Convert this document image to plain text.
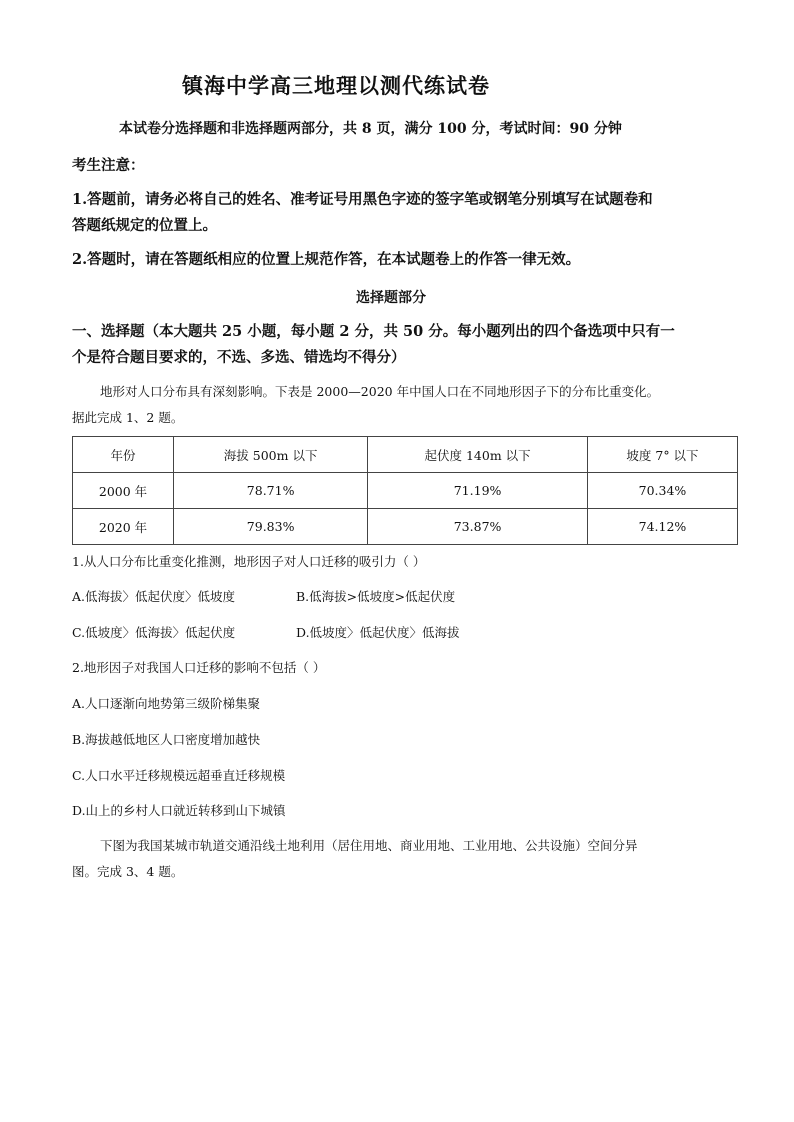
镇海中学高三地理以测代练试卷
本试卷分选择题和非选择题两部分，共 8 页，满分 100 分，考试时间：90 分钟
考生注意：
1.答题前，请务必将自己的姓名、准考证号用黑色字迹的签字笔或钢笔分别填写在试题卷和
答题纸规定的位置上。
2.答题时，请在答题纸相应的位置上规范作答，在本试题卷上的作答一律无效。
选择题部分
一、选择题（本大题共 25 小题，每小题 2 分，共 50 分。每小题列出的四个备选项中只有一
个是符合题目要求的，不选、多选、错选均不得分）
地形对人口分布具有深刻影响。下表是 2000—2020 年中国人口在不同地形因子下的分布比重变化。
据此完成 1、2 题。
年份	海拔 500m 以下	起伏度 140m 以下	坡度 7° 以下
2000 年	78.71%	71.19%	70.34%
2020 年	79.83%	73.87%	74.12%
1.从人口分布比重变化推测，地形因子对人口迁移的吸引力（ ）
A.低海拔〉低起伏度〉低坡度	B.低海拔>低坡度>低起伏度
C.低坡度〉低海拔〉低起伏度	D.低坡度〉低起伏度〉低海拔
2.地形因子对我国人口迁移的影响不包括（ ）
A.人口逐渐向地势第三级阶梯集聚
B.海拔越低地区人口密度增加越快
C.人口水平迁移规模远超垂直迁移规模
D.山上的乡村人口就近转移到山下城镇
下图为我国某城市轨道交通沿线土地利用（居住用地、商业用地、工业用地、公共设施）空间分异
图。完成 3、4 题。
